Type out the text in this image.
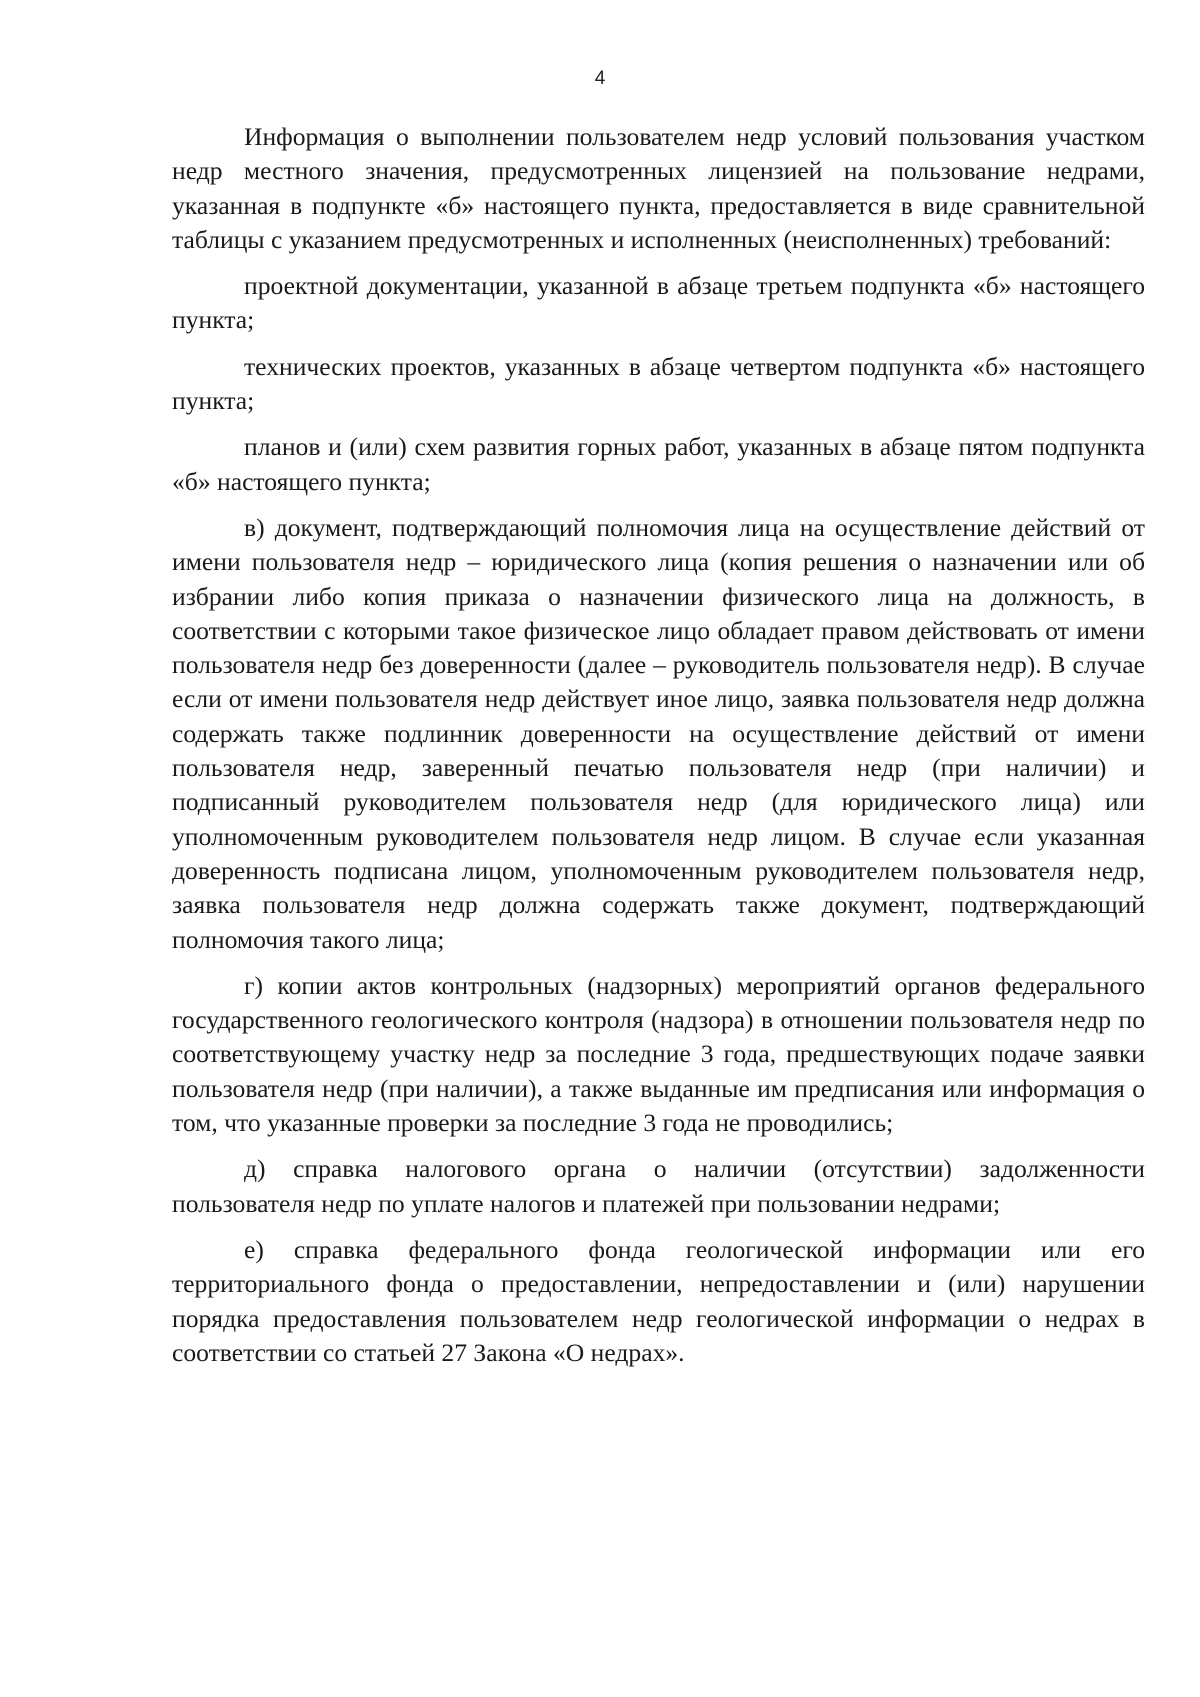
4

Информация о выполнении пользователем недр условий пользования участком недр местного значения, предусмотренных лицензией на пользование недрами, указанная в подпункте «б» настоящего пункта, предоставляется в виде сравнительной таблицы с указанием предусмотренных и исполненных (неисполненных) требований:

проектной документации, указанной в абзаце третьем подпункта «б» настоящего пункта;

технических проектов, указанных в абзаце четвертом подпункта «б» настоящего пункта;

планов и (или) схем развития горных работ, указанных в абзаце пятом подпункта «б» настоящего пункта;

в) документ, подтверждающий полномочия лица на осуществление действий от имени пользователя недр – юридического лица (копия решения о назначении или об избрании либо копия приказа о назначении физического лица на должность, в соответствии с которыми такое физическое лицо обладает правом действовать от имени пользователя недр без доверенности (далее – руководитель пользователя недр). В случае если от имени пользователя недр действует иное лицо, заявка пользователя недр должна содержать также подлинник доверенности на осуществление действий от имени пользователя недр, заверенный печатью пользователя недр (при наличии) и подписанный руководителем пользователя недр (для юридического лица) или уполномоченным руководителем пользователя недр лицом. В случае если указанная доверенность подписана лицом, уполномоченным руководителем пользователя недр, заявка пользователя недр должна содержать также документ, подтверждающий полномочия такого лица;

г) копии актов контрольных (надзорных) мероприятий органов федерального государственного геологического контроля (надзора) в отношении пользователя недр по соответствующему участку недр за последние 3 года, предшествующих подаче заявки пользователя недр (при наличии), а также выданные им предписания или информация о том, что указанные проверки за последние 3 года не проводились;

д) справка налогового органа о наличии (отсутствии) задолженности пользователя недр по уплате налогов и платежей при пользовании недрами;

е) справка федерального фонда геологической информации или его территориального фонда о предоставлении, непредоставлении и (или) нарушении порядка предоставления пользователем недр геологической информации о недрах в соответствии со статьей 27 Закона «О недрах».
